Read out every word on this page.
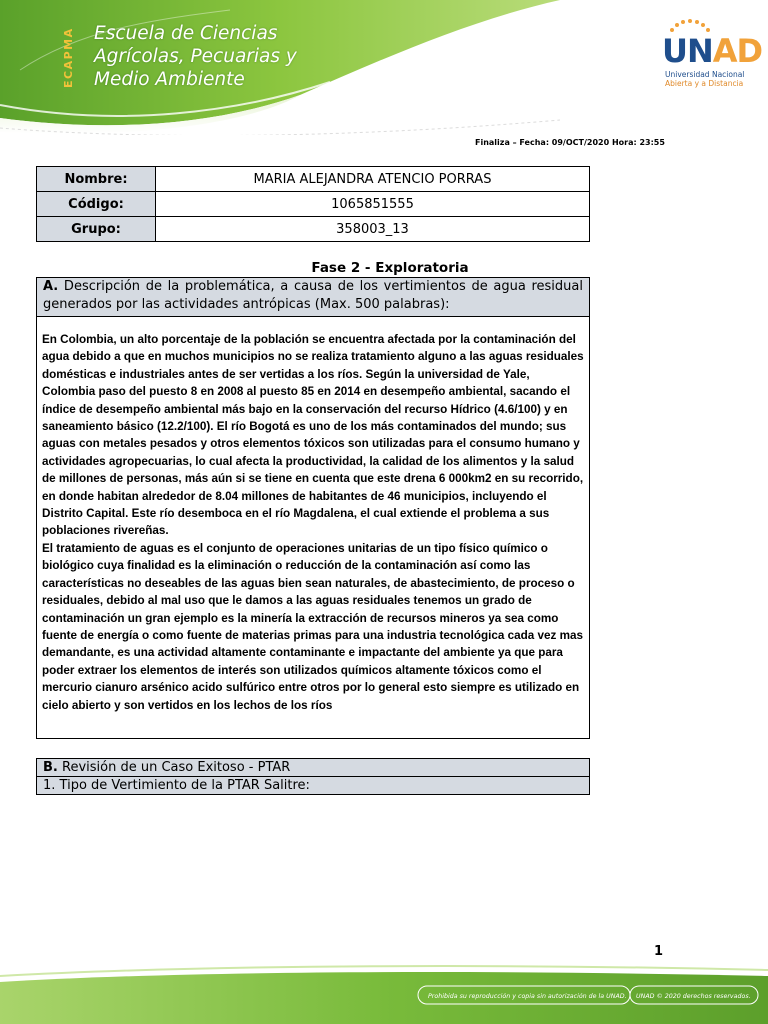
ECAPMA Escuela de Ciencias
Agrícolas, Pecuarias y
Medio Ambiente
UNAD
Universidad Nacional
Abierta y a Distancia
Finaliza – Fecha: 09/OCT/2020 Hora: 23:55
Nombre:	MARIA ALEJANDRA ATENCIO PORRAS
Código:	1065851555
Grupo:	358003_13
Fase 2 - Exploratoria
A. Descripción de la problemática, a causa de los vertimientos de agua residual generados por las actividades antrópicas (Max. 500 palabras):

En Colombia, un alto porcentaje de la población se encuentra afectada por la contaminación del agua debido a que en muchos municipios no se realiza tratamiento alguno a las aguas residuales domésticas e industriales antes de ser vertidas a los ríos. Según la universidad de Yale, Colombia paso del puesto 8 en 2008 al puesto 85 en 2014 en desempeño ambiental, sacando el índice de desempeño ambiental más bajo en la conservación del recurso Hídrico (4.6/100) y en saneamiento básico (12.2/100). El río Bogotá es uno de los más contaminados del mundo; sus aguas con metales pesados y otros elementos tóxicos son utilizadas para el consumo humano y actividades agropecuarias, lo cual afecta la productividad, la calidad de los alimentos y la salud de millones de personas, más aún si se tiene en cuenta que este drena 6 000km2 en su recorrido, en donde habitan alrededor de 8.04 millones de habitantes de 46 municipios, incluyendo el Distrito Capital. Este río desemboca en el río Magdalena, el cual extiende el problema a sus poblaciones rivereñas.

El tratamiento de aguas es el conjunto de operaciones unitarias de un tipo físico químico o biológico cuya finalidad es la eliminación o reducción de la contaminación así como las características no deseables de las aguas bien sean naturales, de abastecimiento, de proceso o residuales, debido al mal uso que le damos a las aguas residuales tenemos un grado de contaminación un gran ejemplo es la minería la extracción de recursos mineros ya sea como fuente de energía o como fuente de materias primas para una industria tecnológica cada vez mas demandante, es una actividad altamente contaminante e impactante del ambiente ya que para poder extraer los elementos de interés son utilizados químicos altamente tóxicos como el mercurio cianuro arsénico acido sulfúrico entre otros por lo general esto siempre es utilizado en cielo abierto y son vertidos en los lechos de los ríos

B. Revisión de un Caso Exitoso - PTAR
1. Tipo de Vertimiento de la PTAR Salitre:
1
Prohibida su reproducción y copia sin autorización de la UNAD. UNAD © 2020 derechos reservados.
